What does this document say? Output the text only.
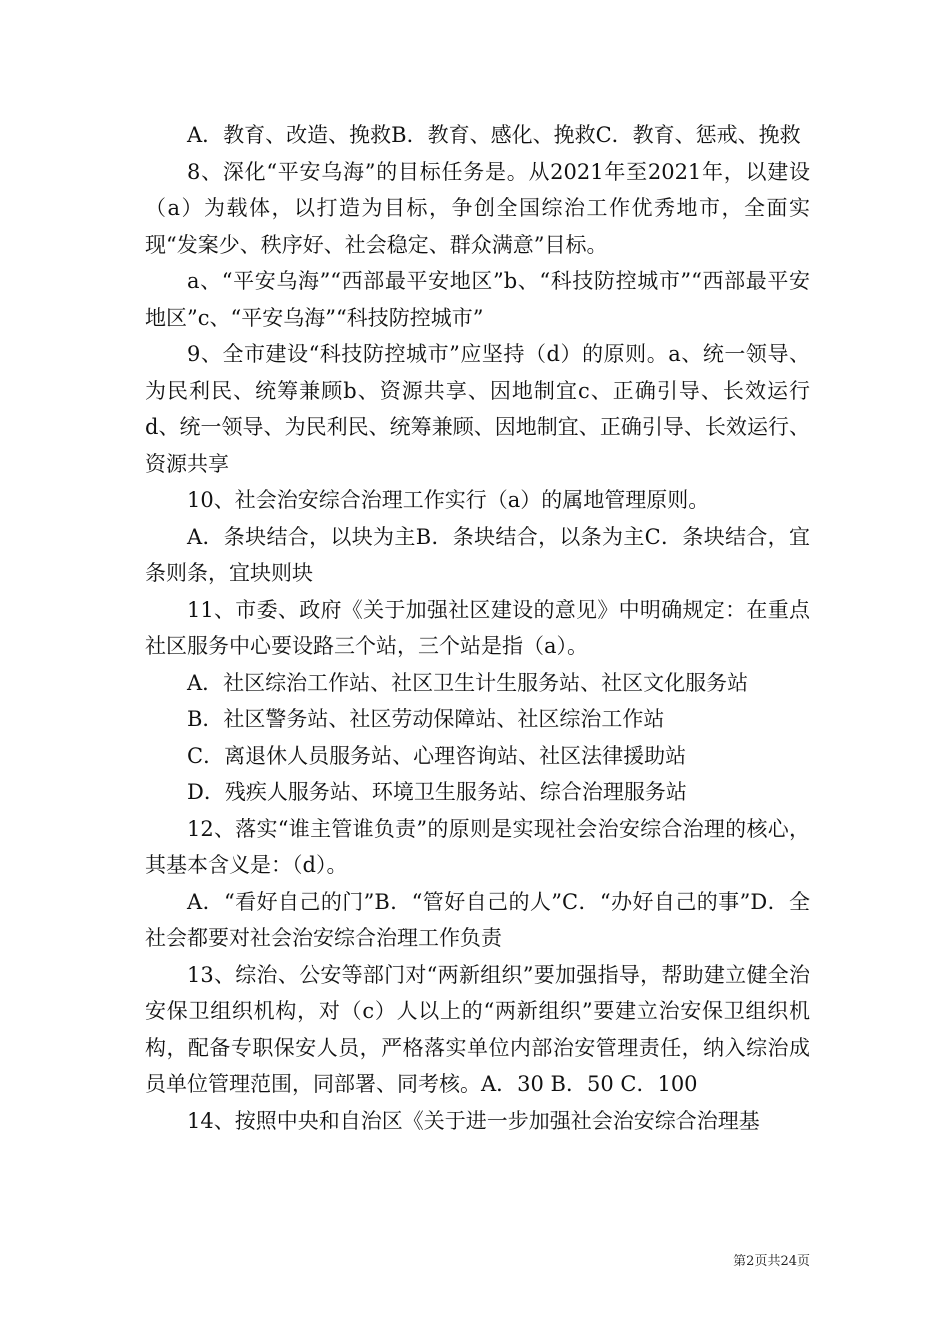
A．教育、改造、挽救B．教育、感化、挽救C．教育、惩戒、挽救

8、深化“平安乌海”的目标任务是。从2021年至2021年，以建设（a）为载体，以打造为目标，争创全国综治工作优秀地市，全面实现“发案少、秩序好、社会稳定、群众满意”目标。

a、“平安乌海”“西部最平安地区”b、“科技防控城市”“西部最平安地区”c、“平安乌海”“科技防控城市”

9、全市建设“科技防控城市”应坚持（d）的原则。a、统一领导、为民利民、统筹兼顾b、资源共享、因地制宜c、正确引导、长效运行d、统一领导、为民利民、统筹兼顾、因地制宜、正确引导、长效运行、资源共享

10、社会治安综合治理工作实行（a）的属地管理原则。

A．条块结合，以块为主B．条块结合，以条为主C．条块结合，宜条则条，宜块则块

11、市委、政府《关于加强社区建设的意见》中明确规定：在重点社区服务中心要设路三个站，三个站是指（a）。

A．社区综治工作站、社区卫生计生服务站、社区文化服务站

B．社区警务站、社区劳动保障站、社区综治工作站

C．离退休人员服务站、心理咨询站、社区法律援助站

D．残疾人服务站、环境卫生服务站、综合治理服务站

12、落实“谁主管谁负责”的原则是实现社会治安综合治理的核心，其基本含义是：（d）。

A．“看好自己的门”B．“管好自己的人”C．“办好自己的事”D．全社会都要对社会治安综合治理工作负责

13、综治、公安等部门对“两新组织”要加强指导，帮助建立健全治安保卫组织机构，对（c）人以上的“两新组织”要建立治安保卫组织机构，配备专职保安人员，严格落实单位内部治安管理责任，纳入综治成员单位管理范围，同部署、同考核。A．30 B．50 C．100

14、按照中央和自治区《关于进一步加强社会治安综合治理基

第2页共24页
